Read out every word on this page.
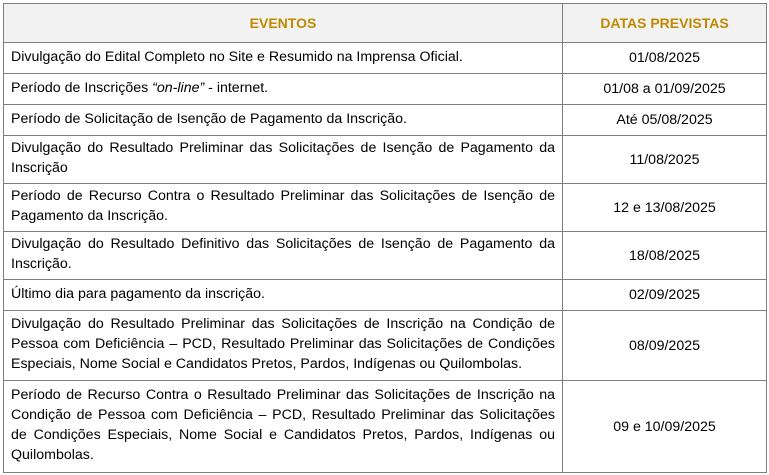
EVENTOS	DATAS PREVISTAS
Divulgação do Edital Completo no Site e Resumido na Imprensa Oficial.	01/08/2025
Período de Inscrições “on-line” - internet.	01/08 a 01/09/2025
Período de Solicitação de Isenção de Pagamento da Inscrição.	Até 05/08/2025
Divulgação do Resultado Preliminar das Solicitações de Isenção de Pagamento da Inscrição	11/08/2025
Período de Recurso Contra o Resultado Preliminar das Solicitações de Isenção de Pagamento da Inscrição.	12 e 13/08/2025
Divulgação do Resultado Definitivo das Solicitações de Isenção de Pagamento da Inscrição.	18/08/2025
Último dia para pagamento da inscrição.	02/09/2025
Divulgação do Resultado Preliminar das Solicitações de Inscrição na Condição de Pessoa com Deficiência – PCD, Resultado Preliminar das Solicitações de Condições Especiais, Nome Social e Candidatos Pretos, Pardos, Indígenas ou Quilombolas.	08/09/2025
Período de Recurso Contra o Resultado Preliminar das Solicitações de Inscrição na Condição de Pessoa com Deficiência – PCD, Resultado Preliminar das Solicitações de Condições Especiais, Nome Social e Candidatos Pretos, Pardos, Indígenas ou Quilombolas.	09 e 10/09/2025
